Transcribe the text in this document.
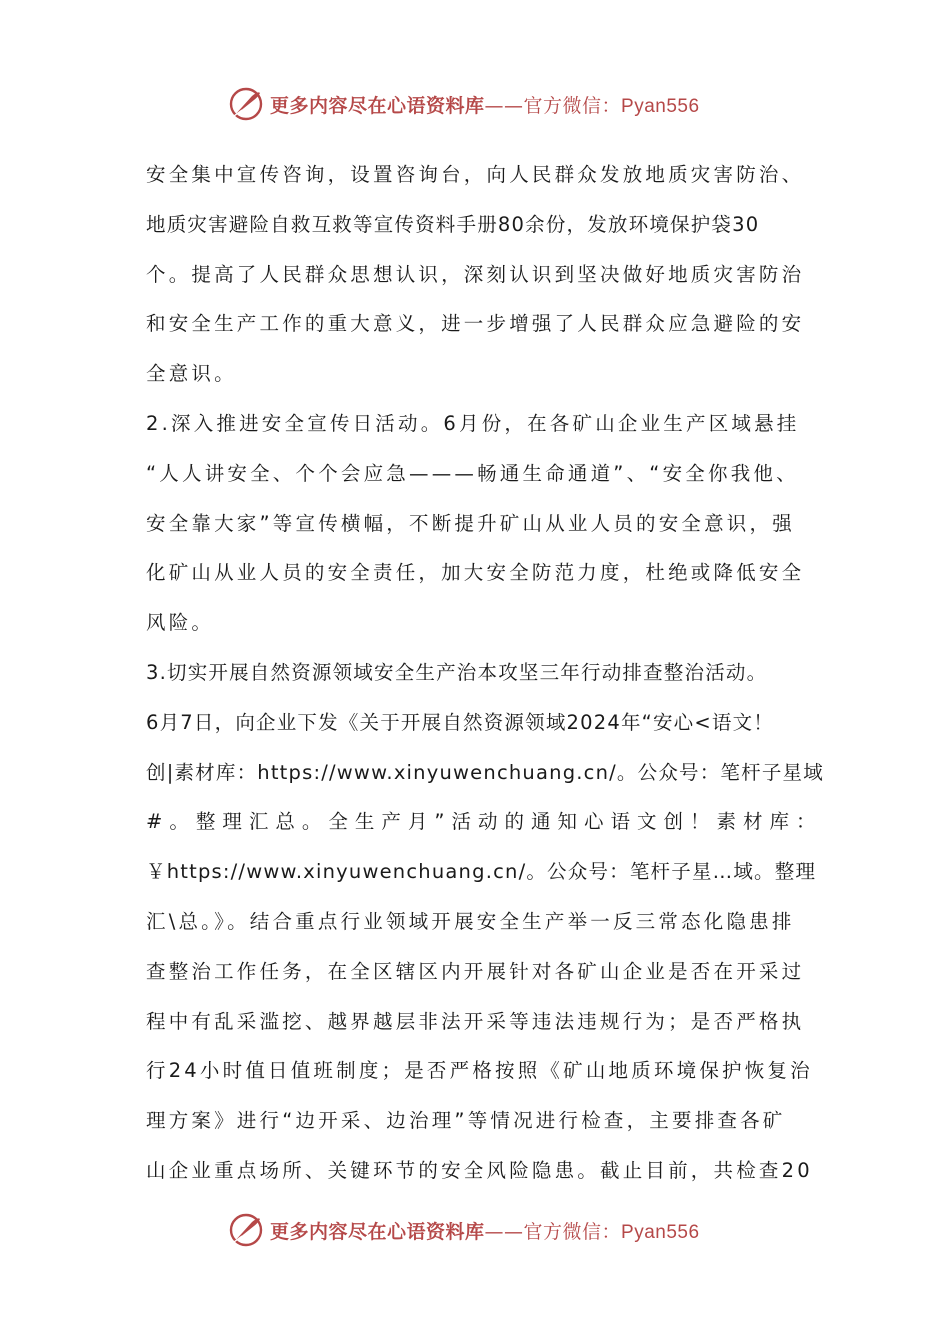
更多内容尽在心语资料库——官方微信：Pyan556
安全集中宣传咨询，设置咨询台，向人民群众发放地质灾害防治、
地质灾害避险自救互救等宣传资料手册80余份，发放环境保护袋30
个。提高了人民群众思想认识，深刻认识到坚决做好地质灾害防治
和安全生产工作的重大意义，进一步增强了人民群众应急避险的安
全意识。
2.深入推进安全宣传日活动。6月份，在各矿山企业生产区域悬挂
“人人讲安全、个个会应急———畅通生命通道”、“安全你我他、
安全靠大家”等宣传横幅，不断提升矿山从业人员的安全意识，强
化矿山从业人员的安全责任，加大安全防范力度，杜绝或降低安全
风险。
3.切实开展自然资源领域安全生产治本攻坚三年行动排查整治活动。
6月7日，向企业下发《关于开展自然资源领域2024年“安心<语文！
创|素材库：https://www.xinyuwenchuang.cn/。公众号：笔杆子星域
#。整理汇总。全生产月”活动的通知心语文创！素材库：
￥https://www.xinyuwenchuang.cn/。公众号：笔杆子星…域。整理
汇\总。》。结合重点行业领域开展安全生产举一反三常态化隐患排
查整治工作任务，在全区辖区内开展针对各矿山企业是否在开采过
程中有乱采滥挖、越界越层非法开采等违法违规行为；是否严格执
行24小时值日值班制度；是否严格按照《矿山地质环境保护恢复治
理方案》进行“边开采、边治理”等情况进行检查，主要排查各矿
山企业重点场所、关键环节的安全风险隐患。截止目前，共检查20
更多内容尽在心语资料库——官方微信：Pyan556
